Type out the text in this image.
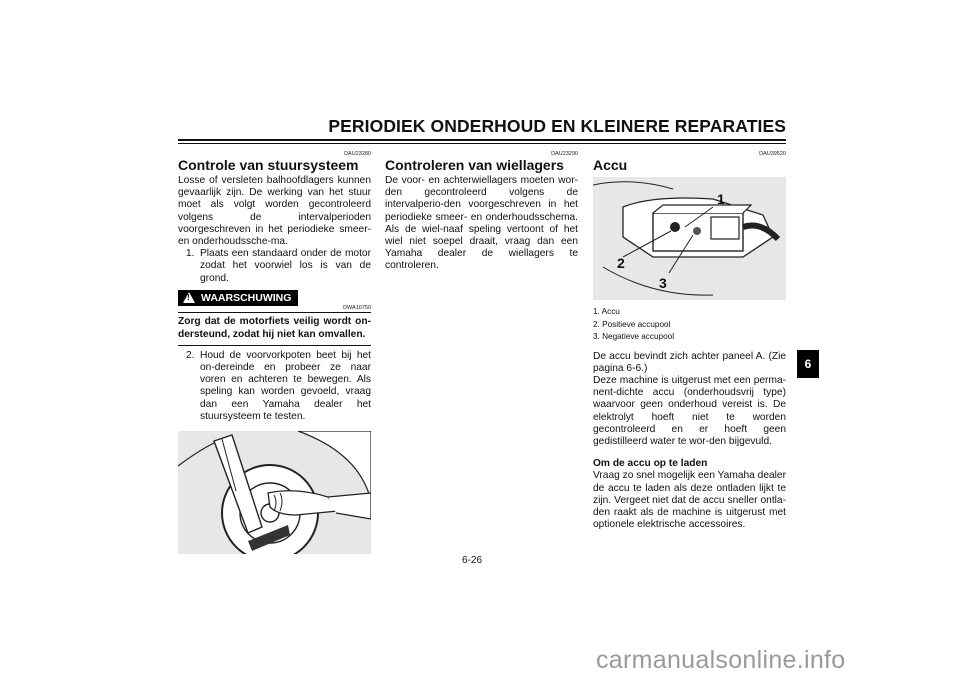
PERIODIEK ONDERHOUD EN KLEINERE REPARATIES
DAU23280
Controle van stuursysteem

Losse of versleten balhoofdlagers kunnen gevaarlijk zijn. De werking van het stuur moet als volgt worden gecontroleerd volgens de intervalperioden voorgeschreven in het periodieke smeer- en onderhoudssche-ma.

1. Plaats een standaard onder de motor zodat het voorwiel los is van de grond.
! WAARSCHUWING
DWA10750
Zorg dat de motorfiets veilig wordt on-dersteund, zodat hij niet kan omvallen.
2. Houd de voorvorkpoten beet bij het on-dereinde en probeer ze naar voren en achteren te bewegen. Als speling kan worden gevoeld, vraag dan een Yamaha dealer het stuursysteem te testen.
DAU23290
Controleren van wiellagers

De voor- en achterwiellagers moeten wor-den gecontroleerd volgens de intervalperio-den voorgeschreven in het periodieke smeer- en onderhoudsschema. Als de wiel-naaf speling vertoont of het wiel niet soepel draait, vraag dan een Yamaha dealer de wiellagers te controleren.

DAU39520
Accu
1
2
3
1. Accu
2. Positieve accupool
3. Negatieve accupool

De accu bevindt zich achter paneel A. (Zie pagina 6-6.)

Deze machine is uitgerust met een perma-nent-dichte accu (onderhoudsvrij type) waarvoor geen onderhoud vereist is. De elektrolyt hoeft niet te worden gecontroleerd en er hoeft geen gedistilleerd water te wor-den bijgevuld.

Om de accu op te laden

Vraag zo snel mogelijk een Yamaha dealer de accu te laden als deze ontladen lijkt te zijn. Vergeet niet dat de accu sneller ontla-den raakt als de machine is uitgerust met optionele elektrische accessoires.

6
6-26
carmanualsonline.info
